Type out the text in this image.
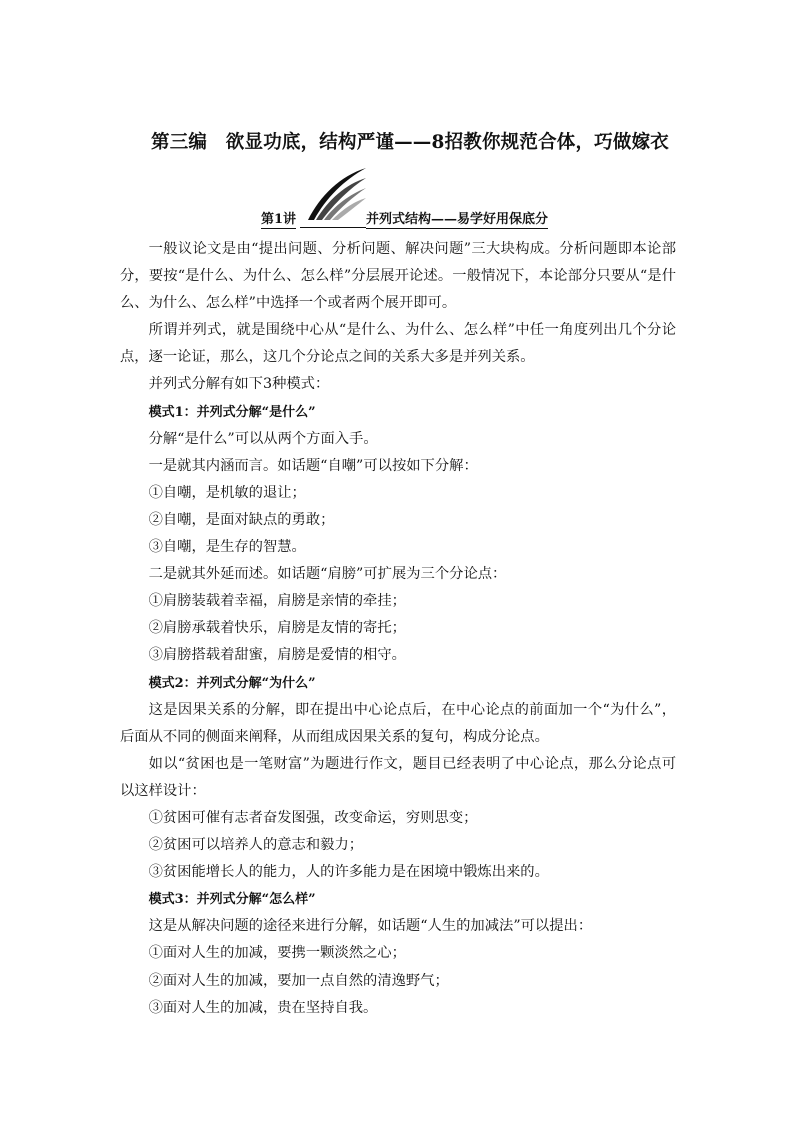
第三编　欲显功底，结构严谨——8招教你规范合体，巧做嫁衣
第1讲	并列式结构——易学好用保底分

一般议论文是由“提出问题、分析问题、解决问题”三大块构成。分析问题即本论部分，要按“是什么、为什么、怎么样”分层展开论述。一般情况下，本论部分只要从“是什么、为什么、怎么样”中选择一个或者两个展开即可。

所谓并列式，就是围绕中心从“是什么、为什么、怎么样”中任一角度列出几个分论点，逐一论证，那么，这几个分论点之间的关系大多是并列关系。

并列式分解有如下3种模式：

模式1：并列式分解“是什么”

分解“是什么”可以从两个方面入手。

一是就其内涵而言。如话题“自嘲”可以按如下分解：

①自嘲，是机敏的退让；

②自嘲，是面对缺点的勇敢；

③自嘲，是生存的智慧。

二是就其外延而述。如话题“肩膀”可扩展为三个分论点：

①肩膀装载着幸福，肩膀是亲情的牵挂；

②肩膀承载着快乐，肩膀是友情的寄托；

③肩膀搭载着甜蜜，肩膀是爱情的相守。

模式2：并列式分解“为什么”

这是因果关系的分解，即在提出中心论点后，在中心论点的前面加一个“为什么”，后面从不同的侧面来阐释，从而组成因果关系的复句，构成分论点。

如以“贫困也是一笔财富”为题进行作文，题目已经表明了中心论点，那么分论点可以这样设计：

①贫困可催有志者奋发图强，改变命运，穷则思变；

②贫困可以培养人的意志和毅力；

③贫困能增长人的能力，人的许多能力是在困境中锻炼出来的。

模式3：并列式分解“怎么样”

这是从解决问题的途径来进行分解，如话题“人生的加减法”可以提出：

①面对人生的加减，要携一颗淡然之心；

②面对人生的加减，要加一点自然的清逸野气；

③面对人生的加减，贵在坚持自我。
